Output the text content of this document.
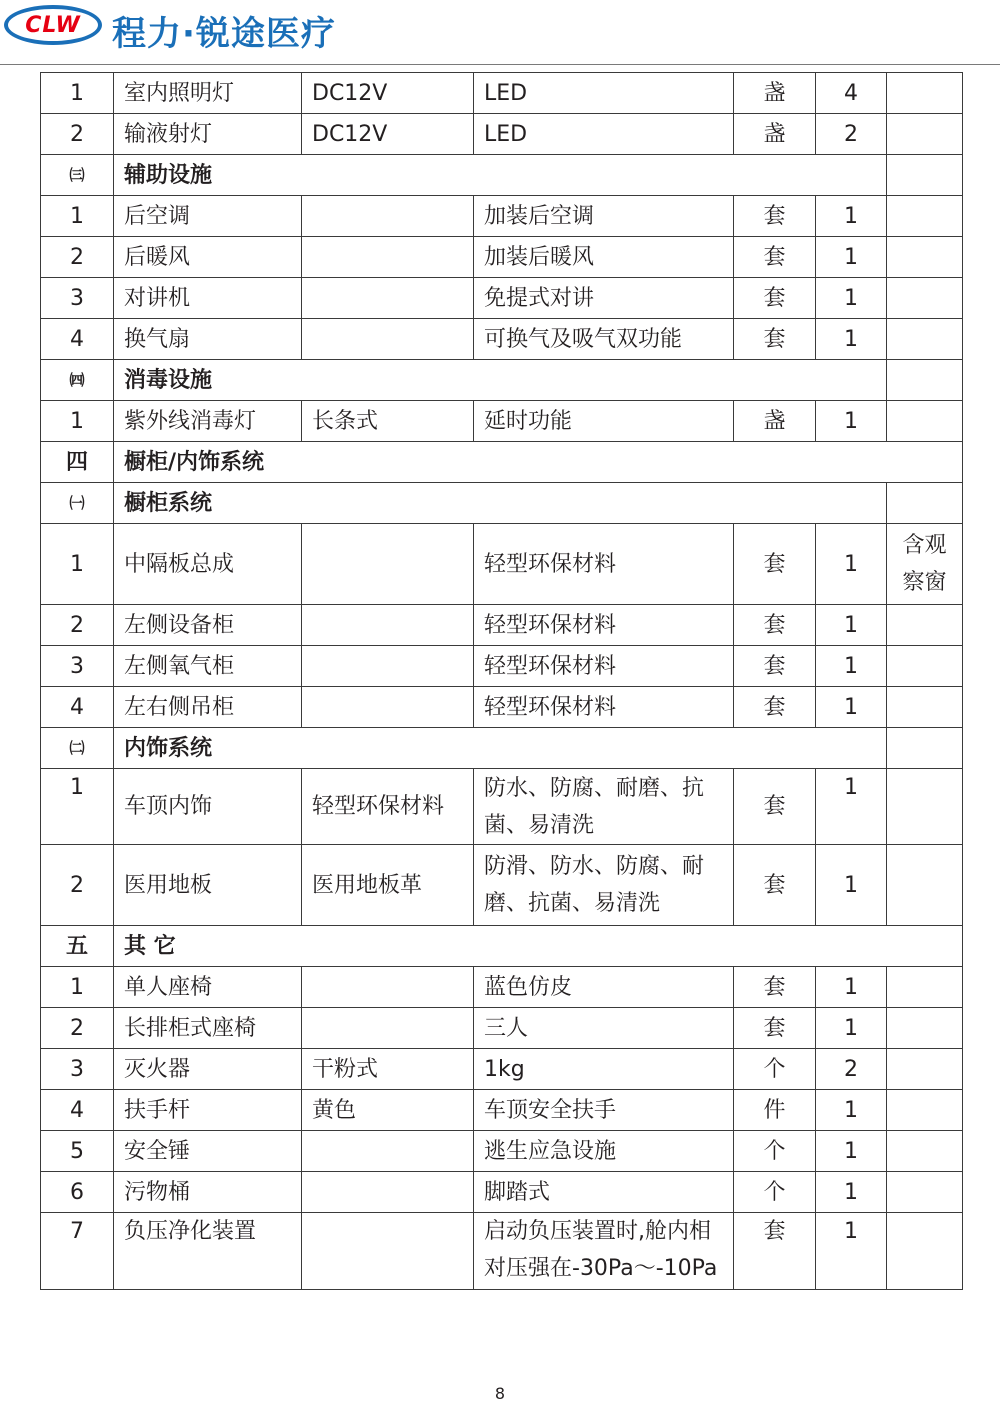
CLW 程力·锐途医疗
1	室内照明灯	DC12V	LED	盏	4	
2	输液射灯	DC12V	LED	盏	2	
㈢	辅助设施					
1	后空调		加装后空调	套	1	
2	后暖风		加装后暖风	套	1	
3	对讲机		免提式对讲	套	1	
4	换气扇		可换气及吸气双功能	套	1	
㈣	消毒设施					
1	紫外线消毒灯	长条式	延时功能	盏	1	
四	橱柜/内饰系统					
㈠	橱柜系统					
1	中隔板总成		轻型环保材料	套	1	含观察窗
2	左侧设备柜		轻型环保材料	套	1	
3	左侧氧气柜		轻型环保材料	套	1	
4	左右侧吊柜		轻型环保材料	套	1	
㈡	内饰系统					
1	车顶内饰	轻型环保材料	防水、防腐、耐磨、抗菌、易清洗	套	1	
2	医用地板	医用地板革	防滑、防水、防腐、耐磨、抗菌、易清洗	套	1	
五	其 它					
1	单人座椅		蓝色仿皮	套	1	
2	长排柜式座椅		三人	套	1	
3	灭火器	干粉式	1kg	个	2	
4	扶手杆	黄色	车顶安全扶手	件	1	
5	安全锤		逃生应急设施	个	1	
6	污物桶		脚踏式	个	1	
7	负压净化装置		启动负压装置时,舱内相对压强在-30Pa～-10Pa	套	1	
8
